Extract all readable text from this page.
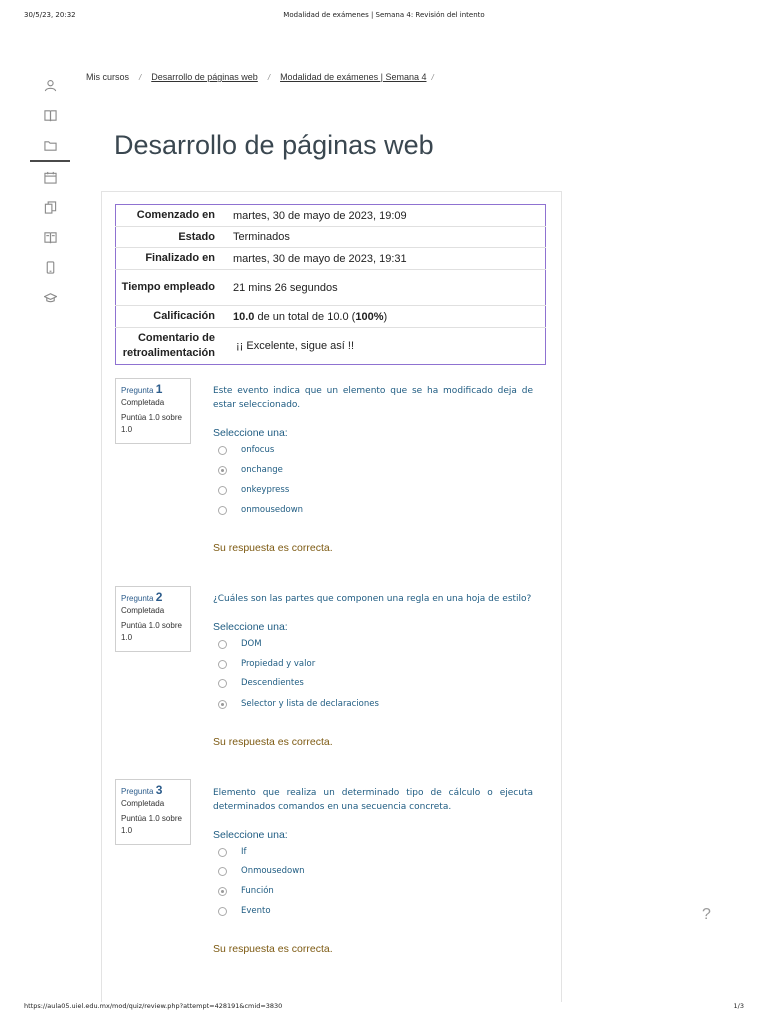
30/5/23, 20:32	Modalidad de exámenes | Semana 4: Revisión del intento
Mis cursos / Desarrollo de páginas web / Modalidad de exámenes | Semana 4 /
Desarrollo de páginas web
Comenzado en	martes, 30 de mayo de 2023, 19:09
Estado	Terminados
Finalizado en	martes, 30 de mayo de 2023, 19:31
Tiempo empleado	21 mins 26 segundos
Calificación	10.0 de un total de 10.0 (100%)
Comentario de retroalimentación	¡¡ Excelente, sigue así !!
Pregunta 1
Completada
Puntúa 1.0 sobre 1.0
Este evento indica que un elemento que se ha modificado deja de estar seleccionado.
Seleccione una:
onfocus
onchange
onkeypress
onmousedown
Su respuesta es correcta.
Pregunta 2
Completada
Puntúa 1.0 sobre 1.0
¿Cuáles son las partes que componen una regla en una hoja de estilo?
Seleccione una:
DOM
Propiedad y valor
Descendientes
Selector y lista de declaraciones
Su respuesta es correcta.
Pregunta 3
Completada
Puntúa 1.0 sobre 1.0
Elemento que realiza un determinado tipo de cálculo o ejecuta determinados comandos en una secuencia concreta.
Seleccione una:
If
Onmousedown
Función
Evento
Su respuesta es correcta.
?
https://aula05.uiel.edu.mx/mod/quiz/review.php?attempt=428191&cmid=3830	1/3
